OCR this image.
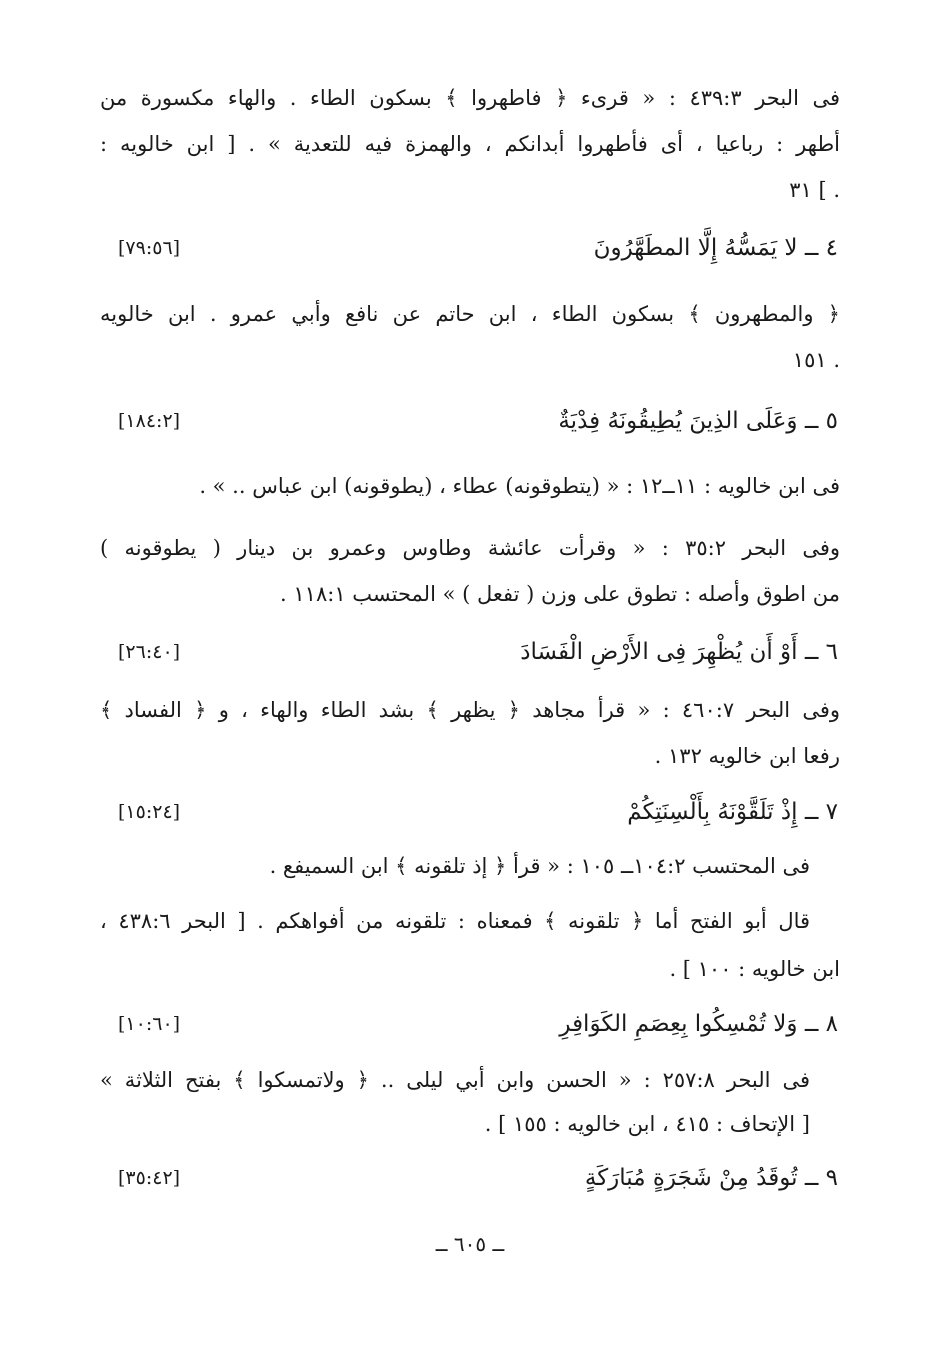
فى البحر ٤٣٩:٣ : « قرىء ﴿ فاطهروا ﴾ بسكون الطاء . والهاء مكسورة من
أطهر : رباعيا ، أى فأطهروا أبدانكم ، والهمزة فيه للتعدية » . [ ابن خالويه :
. ] ٣١
٤ ــ لا يَمَسُّهُ إِلَّا المطَهَّرُونَ
[٧٩:٥٦]
﴿ والمطهرون ﴾ بسكون الطاء ، ابن حاتم عن نافع وأبي عمرو . ابن خالويه
. ١٥١
٥ ــ وَعَلَى الذِينَ يُطِيقُونَهُ فِدْيَةٌ
[١٨٤:٢]
فى ابن خالويه : ١١ــ١٢ : « (يتطوقونه) عطاء ، (يطوقونه) ابن عباس .. » .
وفى البحر ٣٥:٢ : « وقرأت عائشة وطاوس وعمرو بن دينار ( يطوقونه )
من اطوق وأصله : تطوق على وزن ( تفعل ) » المحتسب ١١٨:١ .
٦ ــ أَوْ أَن يُظْهِرَ فِى الأَرْضِ الْفَسَادَ
[٢٦:٤٠]
وفى البحر ٤٦٠:٧ : « قرأ مجاهد ﴿ يظهر ﴾ بشد الطاء والهاء ، و ﴿ الفساد ﴾
رفعا ابن خالويه ١٣٢ .
٧ ــ إِذْ تَلَقَّوْنَهُ بِأَلْسِنَتِكُمْ
[١٥:٢٤]
فى المحتسب ١٠٤:٢ــ ١٠٥ : « قرأ ﴿ إذ تلقونه ﴾ ابن السميفع .
قال أبو الفتح أما ﴿ تلقونه ﴾ فمعناه : تلقونه من أفواهكم . [ البحر ٤٣٨:٦ ،
ابن خالويه : ١٠٠ ] .
٨ ــ وَلا تُمْسِكُوا بِعِصَمِ الكَوَافِرِ
[١٠:٦٠]
فى البحر ٢٥٧:٨ : « الحسن وابن أبي ليلى .. ﴿ ولاتمسكوا ﴾ بفتح الثلاثة »
[ الإتحاف : ٤١٥ ، ابن خالويه : ١٥٥ ] .
٩ ــ تُوقَدُ مِنْ شَجَرَةٍ مُبَارَكَةٍ
[٣٥:٤٢]
ــ ٦٠٥ ــ
